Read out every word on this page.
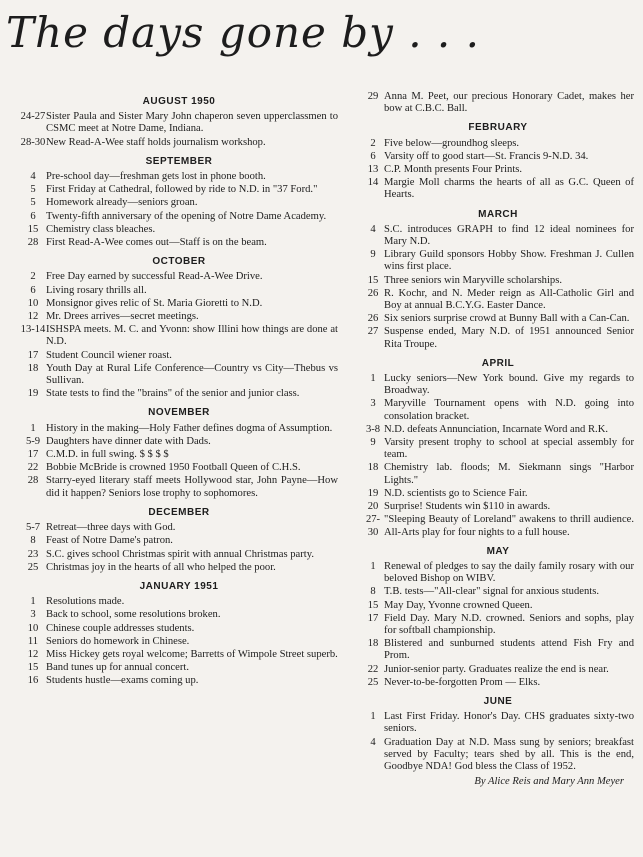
The days gone by . . .
AUGUST 1950
24-27 Sister Paula and Sister Mary John chaperon seven upperclassmen to CSMC meet at Notre Dame, Indiana.
28-30 New Read-A-Wee staff holds journalism workshop.
SEPTEMBER
4 Pre-school day—freshman gets lost in phone booth.
5 First Friday at Cathedral, followed by ride to N.D. in "37 Ford."
5 Homework already—seniors groan.
6 Twenty-fifth anniversary of the opening of Notre Dame Academy.
15 Chemistry class bleaches.
28 First Read-A-Wee comes out—Staff is on the beam.
OCTOBER
2 Free Day earned by successful Read-A-Wee Drive.
6 Living rosary thrills all.
10 Monsignor gives relic of St. Maria Gioretti to N.D.
12 Mr. Drees arrives—secret meetings.
13-14 ISHSPA meets. M. C. and Yvonn: show Illini how things are done at N.D.
17 Student Council wiener roast.
18 Youth Day at Rural Life Conference—Country vs City—Thebus vs Sullivan.
19 State tests to find the "brains" of the senior and junior class.
NOVEMBER
1 History in the making—Holy Father defines dogma of Assumption.
5-9 Daughters have dinner date with Dads.
17 C.M.D. in full swing. $ $ $ $
22 Bobbie McBride is crowned 1950 Football Queen of C.H.S.
28 Starry-eyed literary staff meets Hollywood star, John Payne—How did it happen? Seniors lose trophy to sophomores.
DECEMBER
5-7 Retreat—three days with God.
8 Feast of Notre Dame's patron.
23 S.C. gives school Christmas spirit with annual Christmas party.
25 Christmas joy in the hearts of all who helped the poor.
JANUARY 1951
1 Resolutions made.
3 Back to school, some resolutions broken.
10 Chinese couple addresses students.
11 Seniors do homework in Chinese.
12 Miss Hickey gets royal welcome; Barretts of Wimpole Street superb.
15 Band tunes up for annual concert.
16 Students hustle—exams coming up.
29 Anna M. Peet, our precious Honorary Cadet, makes her bow at C.B.C. Ball.
FEBRUARY
2 Five below—groundhog sleeps.
6 Varsity off to good start—St. Francis 9-N.D. 34.
13 C.P. Month presents Four Prints.
14 Margie Moll charms the hearts of all as G.C. Queen of Hearts.
MARCH
4 S.C. introduces GRAPH to find 12 ideal nominees for Mary N.D.
9 Library Guild sponsors Hobby Show. Freshman J. Cullen wins first place.
15 Three seniors win Maryville scholarships.
26 R. Kochr, and N. Meder reign as All-Catholic Girl and Boy at annual B.C.Y.G. Easter Dance.
26 Six seniors surprise crowd at Bunny Ball with a Can-Can.
27 Suspense ended, Mary N.D. of 1951 announced Senior Rita Troupe.
APRIL
1 Lucky seniors—New York bound. Give my regards to Broadway.
3 Maryville Tournament opens with N.D. going into consolation bracket.
3-8 N.D. defeats Annunciation, Incarnate Word and R.K.
9 Varsity present trophy to school at special assembly for team.
18 Chemistry lab. floods; M. Siekmann sings "Harbor Lights."
19 N.D. scientists go to Science Fair.
20 Surprise! Students win $110 in awards.
27-30
"Sleeping Beauty of Loreland" awakens to thrill audience. All-Arts play for four nights to a full house.
MAY
1 Renewal of pledges to say the daily family rosary with our beloved Bishop on WIBV.
8 T.B. tests—"All-clear" signal for anxious students.
15 May Day, Yvonne crowned Queen.
17 Field Day. Mary N.D. crowned. Seniors and sophs, play for softball championship.
18 Blistered and sunburned students attend Fish Fry and Prom.
22 Junior-senior party. Graduates realize the end is near.
25 Never-to-be-forgotten Prom — Elks.
JUNE
1 Last First Friday. Honor's Day. CHS graduates sixty-two seniors.
4 Graduation Day at N.D. Mass sung by seniors; breakfast served by Faculty; tears shed by all. This is the end, Goodbye NDA! God bless the Class of 1952.
By Alice Reis and Mary Ann Meyer
